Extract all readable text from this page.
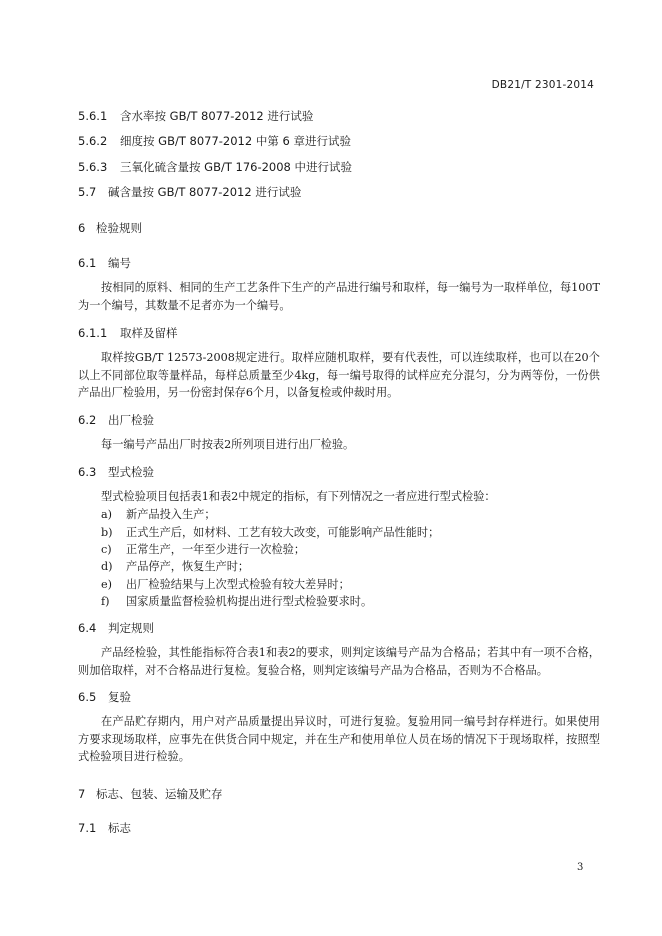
DB21/T 2301-2014
5.6.1 含水率按 GB/T 8077-2012 进行试验
5.6.2 细度按 GB/T 8077-2012 中第 6 章进行试验
5.6.3 三氧化硫含量按 GB/T 176-2008 中进行试验
5.7 碱含量按 GB/T 8077-2012 进行试验
6 检验规则
6.1 编号
按相同的原料、相同的生产工艺条件下生产的产品进行编号和取样，每一编号为一取样单位，每100T为一个编号，其数量不足者亦为一个编号。
6.1.1 取样及留样
取样按GB/T 12573-2008规定进行。取样应随机取样，要有代表性，可以连续取样，也可以在20个以上不同部位取等量样品，每样总质量至少4kg，每一编号取得的试样应充分混匀，分为两等份，一份供产品出厂检验用，另一份密封保存6个月，以备复检或仲裁时用。
6.2 出厂检验
每一编号产品出厂时按表2所列项目进行出厂检验。
6.3 型式检验
型式检验项目包括表1和表2中规定的指标，有下列情况之一者应进行型式检验：
a) 新产品投入生产；
b) 正式生产后，如材料、工艺有较大改变，可能影响产品性能时；
c) 正常生产，一年至少进行一次检验；
d) 产品停产，恢复生产时；
e) 出厂检验结果与上次型式检验有较大差异时；
f) 国家质量监督检验机构提出进行型式检验要求时。
6.4 判定规则
产品经检验，其性能指标符合表1和表2的要求，则判定该编号产品为合格品；若其中有一项不合格，则加倍取样，对不合格品进行复检。复验合格，则判定该编号产品为合格品，否则为不合格品。
6.5 复验
在产品贮存期内，用户对产品质量提出异议时，可进行复验。复验用同一编号封存样进行。如果使用方要求现场取样，应事先在供货合同中规定，并在生产和使用单位人员在场的情况下于现场取样，按照型式检验项目进行检验。
7 标志、包装、运输及贮存
7.1 标志
3
